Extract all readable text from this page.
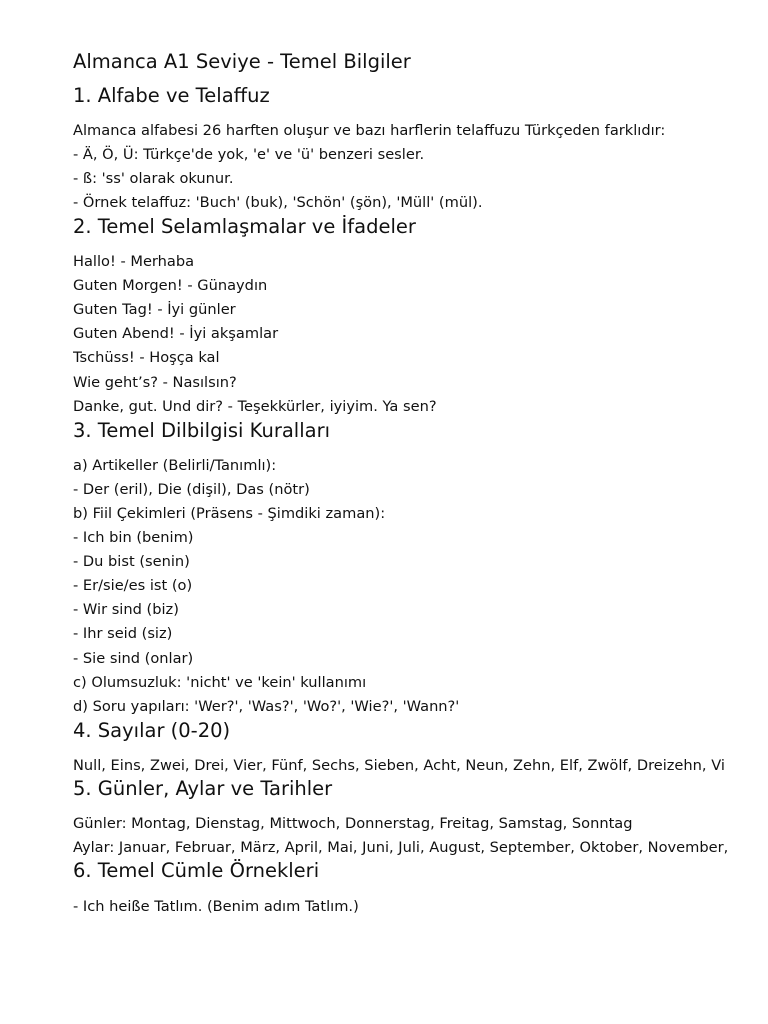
Almanca A1 Seviye - Temel Bilgiler
1. Alfabe ve Telaffuz

Almanca alfabesi 26 harften oluşur ve bazı harflerin telaffuzu Türkçeden farklıdır:

- Ä, Ö, Ü: Türkçe'de yok, 'e' ve 'ü' benzeri sesler.

- ß: 'ss' olarak okunur.

- Örnek telaffuz: 'Buch' (buk), 'Schön' (şön), 'Müll' (mül).

2. Temel Selamlaşmalar ve İfadeler

Hallo! - Merhaba

Guten Morgen! - Günaydın

Guten Tag! - İyi günler

Guten Abend! - İyi akşamlar

Tschüss! - Hoşça kal

Wie geht’s? - Nasılsın?

Danke, gut. Und dir? - Teşekkürler, iyiyim. Ya sen?

3. Temel Dilbilgisi Kuralları

a) Artikeller (Belirli/Tanımlı):

- Der (eril), Die (dişil), Das (nötr)

b) Fiil Çekimleri (Präsens - Şimdiki zaman):

- Ich bin (benim)

- Du bist (senin)

- Er/sie/es ist (o)

- Wir sind (biz)

- Ihr seid (siz)

- Sie sind (onlar)

c) Olumsuzluk: 'nicht' ve 'kein' kullanımı

d) Soru yapıları: 'Wer?', 'Was?', 'Wo?', 'Wie?', 'Wann?'

4. Sayılar (0-20)

Null, Eins, Zwei, Drei, Vier, Fünf, Sechs, Sieben, Acht, Neun, Zehn, Elf, Zwölf, Dreizehn, Vi

5. Günler, Aylar ve Tarihler

Günler: Montag, Dienstag, Mittwoch, Donnerstag, Freitag, Samstag, Sonntag

Aylar: Januar, Februar, März, April, Mai, Juni, Juli, August, September, Oktober, November,

6. Temel Cümle Örnekleri

- Ich heiße Tatlım. (Benim adım Tatlım.)
